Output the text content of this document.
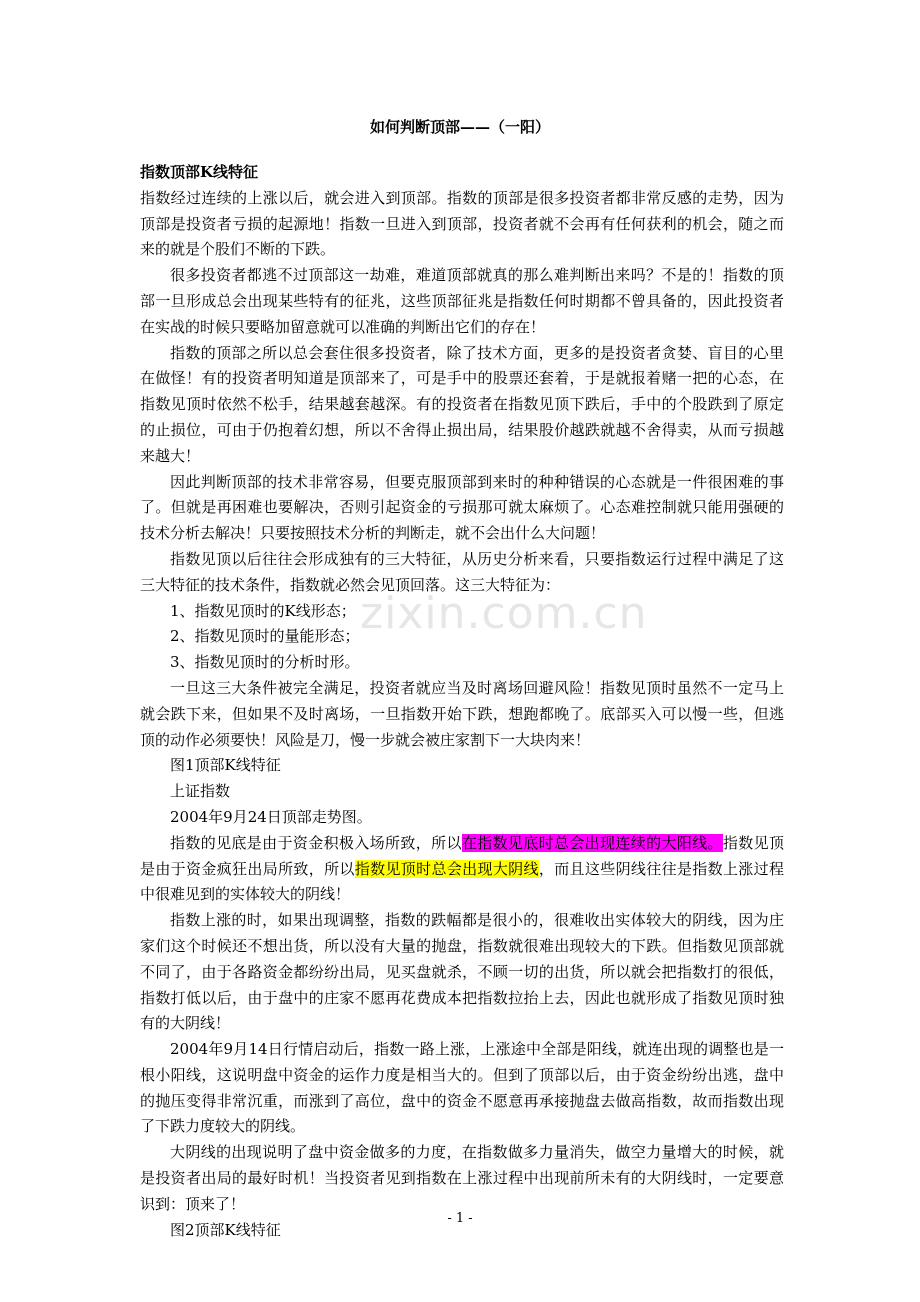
zixin.com.cn
如何判断顶部——（一阳）
指数顶部K线特征

指数经过连续的上涨以后，就会进入到顶部。指数的顶部是很多投资者都非常反感的走势，因为顶部是投资者亏损的起源地！指数一旦进入到顶部，投资者就不会再有任何获利的机会，随之而来的就是个股们不断的下跌。

很多投资者都逃不过顶部这一劫难，难道顶部就真的那么难判断出来吗？不是的！指数的顶部一旦形成总会出现某些特有的征兆，这些顶部征兆是指数任何时期都不曾具备的，因此投资者在实战的时候只要略加留意就可以准确的判断出它们的存在！

指数的顶部之所以总会套住很多投资者，除了技术方面，更多的是投资者贪婪、盲目的心里在做怪！有的投资者明知道是顶部来了，可是手中的股票还套着，于是就报着赌一把的心态，在指数见顶时依然不松手，结果越套越深。有的投资者在指数见顶下跌后，手中的个股跌到了原定的止损位，可由于仍抱着幻想，所以不舍得止损出局，结果股价越跌就越不舍得卖，从而亏损越来越大！

因此判断顶部的技术非常容易，但要克服顶部到来时的种种错误的心态就是一件很困难的事了。但就是再困难也要解决，否则引起资金的亏损那可就太麻烦了。心态难控制就只能用强硬的技术分析去解决！只要按照技术分析的判断走，就不会出什么大问题！

指数见顶以后往往会形成独有的三大特征，从历史分析来看，只要指数运行过程中满足了这三大特征的技术条件，指数就必然会见顶回落。这三大特征为：

1、指数见顶时的K线形态；

2、指数见顶时的量能形态；

3、指数见顶时的分析时形。

一旦这三大条件被完全满足，投资者就应当及时离场回避风险！指数见顶时虽然不一定马上就会跌下来，但如果不及时离场，一旦指数开始下跌，想跑都晚了。底部买入可以慢一些，但逃顶的动作必须要快！风险是刀，慢一步就会被庄家割下一大块肉来！

图1顶部K线特征

上证指数

2004年9月24日顶部走势图。

指数的见底是由于资金积极入场所致，所以在指数见底时总会出现连续的大阳线。指数见顶是由于资金疯狂出局所致，所以指数见顶时总会出现大阴线，而且这些阴线往往是指数上涨过程中很难见到的实体较大的阴线！

指数上涨的时，如果出现调整，指数的跌幅都是很小的，很难收出实体较大的阴线，因为庄家们这个时候还不想出货，所以没有大量的抛盘，指数就很难出现较大的下跌。但指数见顶部就不同了，由于各路资金都纷纷出局，见买盘就杀，不顾一切的出货，所以就会把指数打的很低，指数打低以后，由于盘中的庄家不愿再花费成本把指数拉抬上去，因此也就形成了指数见顶时独有的大阴线！

2004年9月14日行情启动后，指数一路上涨，上涨途中全部是阳线，就连出现的调整也是一根小阳线，这说明盘中资金的运作力度是相当大的。但到了顶部以后，由于资金纷纷出逃，盘中的抛压变得非常沉重，而涨到了高位，盘中的资金不愿意再承接抛盘去做高指数，故而指数出现了下跌力度较大的阴线。

大阴线的出现说明了盘中资金做多的力度，在指数做多力量消失，做空力量增大的时候，就是投资者出局的最好时机！当投资者见到指数在上涨过程中出现前所未有的大阴线时，一定要意识到：顶来了！

图2顶部K线特征

- 1 -
